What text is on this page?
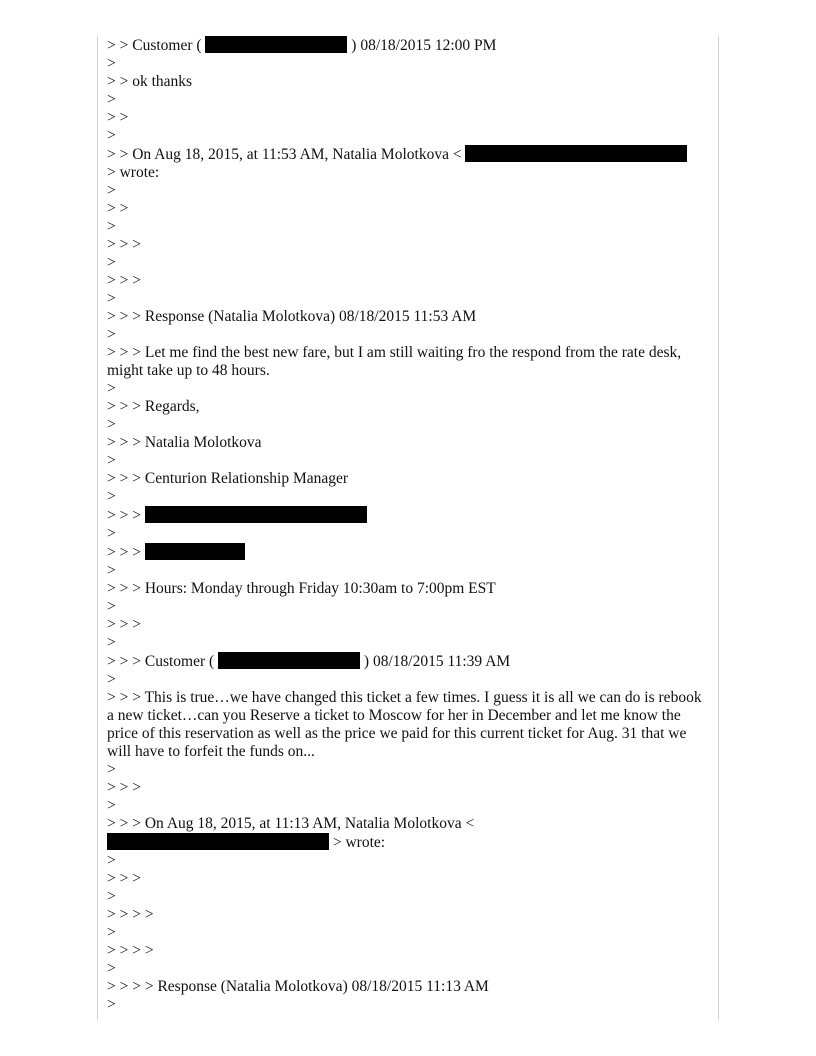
> > Customer (	) 08/18/2015 12:00 PM
>
> > ok thanks
>
> >
>
> > On Aug 18, 2015, at 11:53 AM, Natalia Molotkova <
> wrote:
>
> >
>
> > >
>
> > >
>
> > > Response (Natalia Molotkova) 08/18/2015 11:53 AM
>
> > > Let me find the best new fare, but I am still waiting fro the respond from the rate desk, might take up to 48 hours.
>
> > > Regards,
>
> > > Natalia Molotkova
>
> > > Centurion Relationship Manager
>
> > >
>
> > >
>
> > > Hours: Monday through Friday 10:30am to 7:00pm EST
>
> > >
>
> > > Customer (	) 08/18/2015 11:39 AM
>
> > > This is true…we have changed this ticket a few times. I guess it is all we can do is rebook a new ticket…can you Reserve a ticket to Moscow for her in December and let me know the price of this reservation as well as the price we paid for this current ticket for Aug. 31 that we will have to forfeit the funds on...
>
> > >
>
> > > On Aug 18, 2015, at 11:13 AM, Natalia Molotkova <
> wrote:
>
> > >
>
> > > >
>
> > > >
>
> > > > Response (Natalia Molotkova) 08/18/2015 11:13 AM
>
